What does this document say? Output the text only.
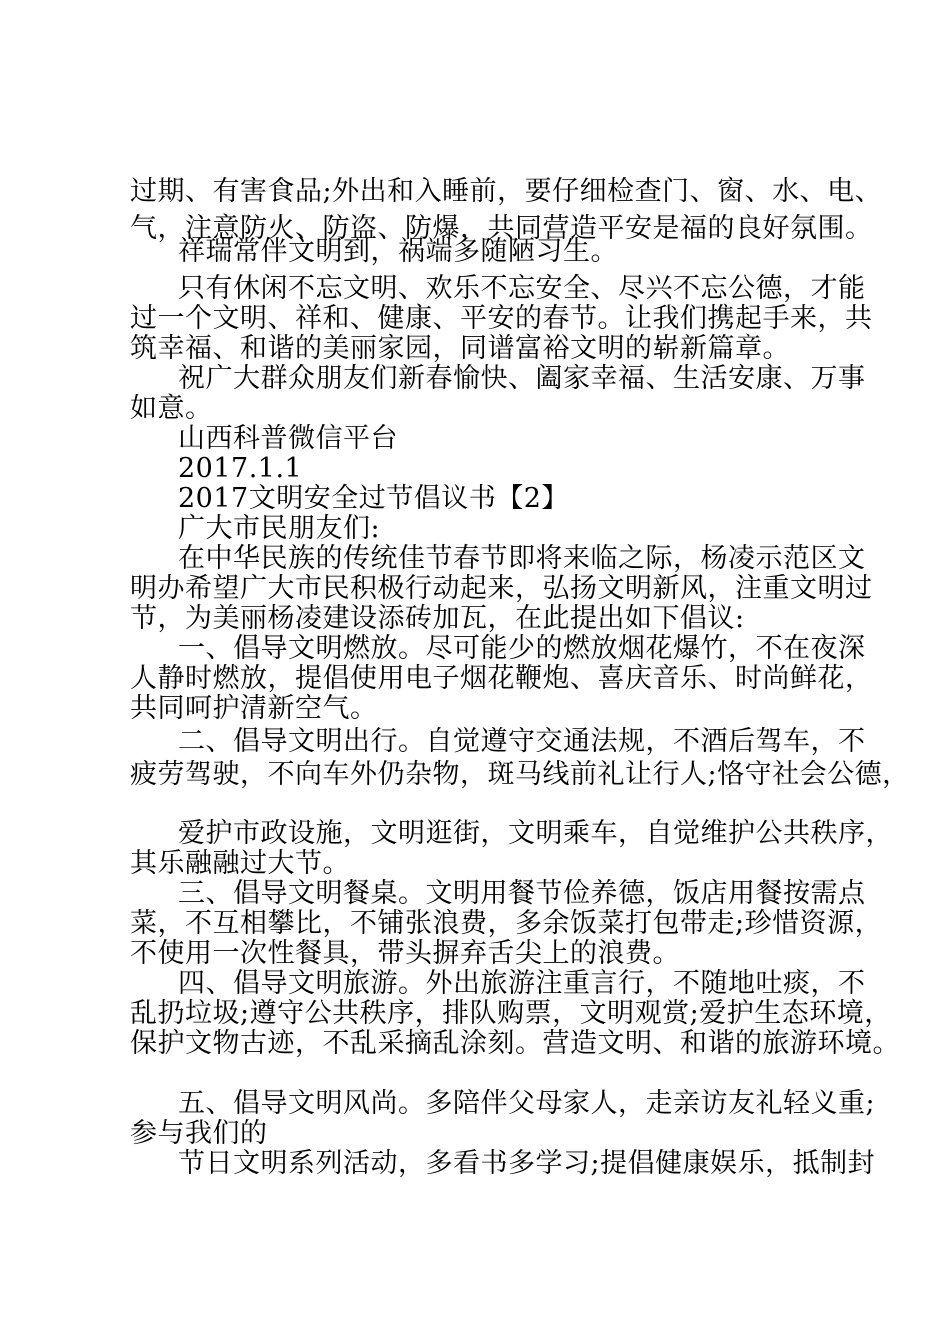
过期、有害食品;外出和入睡前，要仔细检查门、窗、水、电、
气，注意防火、防盗、防爆，共同营造平安是福的良好氛围。
祥瑞常伴文明到，祸端多随陋习生。
只有休闲不忘文明、欢乐不忘安全、尽兴不忘公德，才能
过一个文明、祥和、健康、平安的春节。让我们携起手来，共
筑幸福、和谐的美丽家园，同谱富裕文明的崭新篇章。
祝广大群众朋友们新春愉快、阖家幸福、生活安康、万事
如意。
山西科普微信平台
2017.1.1
2017文明安全过节倡议书【2】
广大市民朋友们:
在中华民族的传统佳节春节即将来临之际，杨凌示范区文
明办希望广大市民积极行动起来，弘扬文明新风，注重文明过
节，为美丽杨凌建设添砖加瓦，在此提出如下倡议:
一、倡导文明燃放。尽可能少的燃放烟花爆竹，不在夜深
人静时燃放，提倡使用电子烟花鞭炮、喜庆音乐、时尚鲜花，
共同呵护清新空气。
二、倡导文明出行。自觉遵守交通法规，不酒后驾车，不
疲劳驾驶，不向车外仍杂物，斑马线前礼让行人;恪守社会公德，
爱护市政设施，文明逛街，文明乘车，自觉维护公共秩序，
其乐融融过大节。
三、倡导文明餐桌。文明用餐节俭养德，饭店用餐按需点
菜，不互相攀比，不铺张浪费，多余饭菜打包带走;珍惜资源，
不使用一次性餐具，带头摒弃舌尖上的浪费。
四、倡导文明旅游。外出旅游注重言行，不随地吐痰，不
乱扔垃圾;遵守公共秩序，排队购票，文明观赏;爱护生态环境，
保护文物古迹，不乱采摘乱涂刻。营造文明、和谐的旅游环境。
五、倡导文明风尚。多陪伴父母家人，走亲访友礼轻义重;
参与我们的
节日文明系列活动，多看书多学习;提倡健康娱乐，抵制封
